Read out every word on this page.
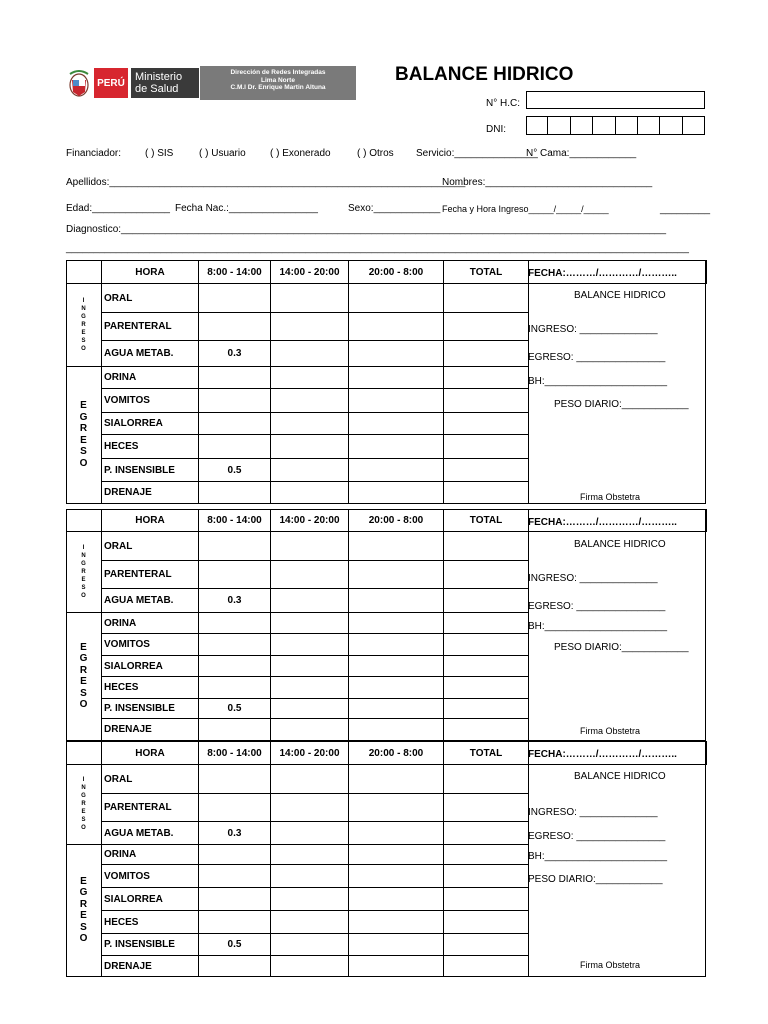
PERÚ Ministerio
de Salud
Dirección de Redes Integradas
Lima Norte
C.M.I Dr. Enrique Martin Altuna
BALANCE HIDRICO
N° H.C:
DNI:
Financiador: ( ) SIS	( ) Usuario ( ) Exonerado	( ) Otros Servicio:_______________
N° Cama:____________
Apellidos:________________________________________________________________
Nombres:______________________________
Edad:______________ Fecha Nac.:________________	Sexo:____________ Fecha y Hora Ingreso_____/_____/_____	_________
Diagnostico:__________________________________________________________________________________________________
________________________________________________________________________________________________________________
	HORA	8:00 - 14:00	14:00 - 20:00	20:00 - 8:00	TOTAL	
	ORAL					
	PARENTERAL					
	AGUA METAB.	0.3				
	ORINA					
	VOMITOS					
	SIALORREA					
	HECES					
	P. INSENSIBLE	0.5				
	DRENAJE					
I
N
G
R
E
S
O
E
G
R
E
S
O
FECHA:………/…………/………..
BALANCE HIDRICO
INGRESO: ______________
EGRESO: ________________
BH:______________________
PESO DIARIO:____________
Firma Obstetra
	HORA	8:00 - 14:00	14:00 - 20:00	20:00 - 8:00	TOTAL	
	ORAL					
	PARENTERAL					
	AGUA METAB.	0.3				
	ORINA					
	VOMITOS					
	SIALORREA					
	HECES					
	P. INSENSIBLE	0.5				
	DRENAJE					
I
N
G
R
E
S
O
E
G
R
E
S
O
FECHA:………/…………/………..
BALANCE HIDRICO
INGRESO: ______________
EGRESO: ________________
BH:______________________
PESO DIARIO:____________
Firma Obstetra
	HORA	8:00 - 14:00	14:00 - 20:00	20:00 - 8:00	TOTAL	
	ORAL					
	PARENTERAL					
	AGUA METAB.	0.3				
	ORINA					
	VOMITOS					
	SIALORREA					
	HECES					
	P. INSENSIBLE	0.5				
	DRENAJE					
I
N
G
R
E
S
O
E
G
R
E
S
O
FECHA:………/…………/………..
BALANCE HIDRICO
INGRESO: ______________
EGRESO: ________________
BH:______________________
PESO DIARIO:____________
Firma Obstetra
